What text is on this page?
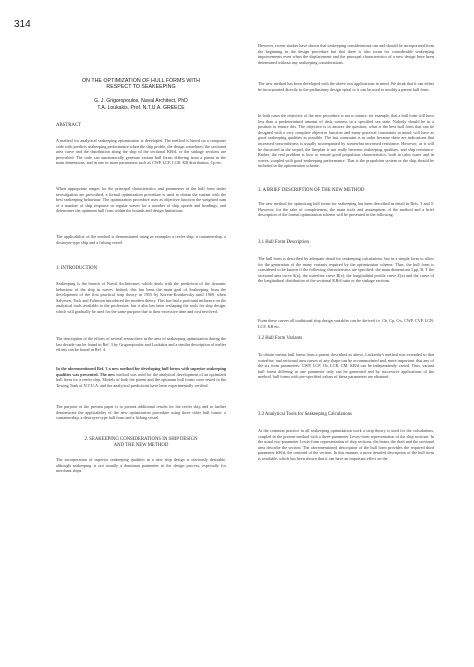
314
ON THE OPTIMIZATION OF HULL FORMS WITH
RESPECT TO SEAKEEPING
G. J. Grigoropoulos, Naval Architect, PhD
T.A. Loukakis, Prof. N.T.U.A. GREECE
ABSTRACT

A method for analytical seakeeping optimization is developed. The method is based on a computer code with predicts seakeeping performance when the ship profile, the design waterlines, the sectional area curve and the distribution along the ship of the sectional KB/d, or the sinkage sections are prescribed. The code can automatically generate variant hull forms differing from a parent in the main dimensions, and in one or more parameters such as CWP, LCF, LCB, KB distribution, Cp etc.

When appropriate ranges for the principal characteristics and parameters of the hull form under investigation are prescribed, a formal optimization procedure is used to obtain the variant with the best seakeeping behaviour. The optimization procedure uses as objective function the weighted sum of a number of ship response in regular waves for a number of ship speeds and headings, and determines the optimum hull form within the bounds and design limitations.

The applicability of the method is demonstrated using as examples a reefer ship, a containership, a destroyer-type ship and a fishing vessel.

1. INTRODUCTION

Seakeeping is the branch of Naval Architecture, which deals with the prediction of the dynamic behaviour of the ship in waves. Indeed, this has been the main goal of Seakeeping from the development of the first practical strip theory in 1955 by Korvin-Kroukovsky until 1969, when Salvesen, Tuck and Faltinsen introduced the modern theory. This has had a profound influence on the analytical tools available to the profession, but it also has been reshaping the tools for ship design, which will gradually be used for the same purpose due to their excessive time and cost involved.

The description of the efforts of several researchers in the area of seakeeping optimization during the last decade can be found in Ref. 3 by Grigoropoulos and Loukakis and a similar description of earlier efforts can be found in Ref. 4.

In the aforementioned Ref. 3 a new method for developing hull forms with superior seakeeping qualities was presented. The new method was used for the analytical development of an optimized hull form for a reefer ship. Models of both the parent and the optimum hull forms were tested in the Towing Tank of N.T.U.A. and the analytical predictions have been experimentally verified.

The purpose of the present paper is to present additional results for the reefer ship and to further demonstrate the applicability of the new optimization procedure using three other hull forms: a containership, a destroyer-type hull form and a fishing vessel.

2. SEAKEEPING CONSIDERATIONS IN SHIP DESIGN
AND THE NEW METHOD

The incorporation of superior seakeeping qualities in a new ship design is obviously desirable, although seakeeping is not usually a dominant parameter in the design process, especially for merchant ships.

However, recent studies have shown that seakeeping considerations can and should be incorporated from the beginning in the design procedure but that there is also room for considerable seakeeping improvements even when the displacement and the principal characteristics of a new design have been determined without any seakeeping considerations.

The new method has been developed with the above two applications in mind. We think that it can either be incorporated directly in the preliminary design spiral or it can be used to modify a parent hull form.

In both cases the objective of the new procedure is not to ensure, for example, that a hull form will have less than a predetermined amount of deck wetness in a specified sea state. Nobody should be in a position to ensure this. The objective is to answer the question, what is the best hull form that can be designed with a very complete objective function and many practical constraints in mind; will have as good seakeeping qualities as possible. The last constraint is in order because there are indications that increased seaworthiness is usually accompanied by somewhat increased resistance. However, as it will be discussed in the sequel, the lineplan is not really between seakeeping qualities, and ship resistance. Rather, the real problem is how to ensure good propulsion characteristics, both in calm water and in waves, coupled with good seakeeping performance. That is the propulsion system or the ship should be included in the optimization scheme.

3. A BRIEF DESCRIPTION OF THE NEW METHOD

The new method for optimizing hull forms for seakeeping has been described in detail in Refs. 3 and 5. However, for the sake of completeness, the main tools and assumptions of the method and a brief description of the formal optimization scheme will be presented in the following.

3.1 Hull Form Description

The hull form is described by adequate detail for seakeeping calculations, but in a simple form to allow for the generation of the many variants required by the optimization scheme. Thus, the hull form is considered to be known if the following characteristics are specified: the main dimensions Lpp, B, T the sectional area curve S(x), the waterline curve B(x), the longitudinal profile curve Z(x) and the curve of the longitudinal distribution of the sectional KB/d ratio or the sinkage sections.

From these curves all traditional ship design variables can be derived i.e. Cb, Cp, Cw, CWP, CVP, LCB, LCF, KB etc.

3.2 Hull Form Variants

To obtain variant hull forms from a parent, described as above, Lackenby's method was extended so that waterline, and sectional area curves of any shape can be accommodated and, more important, that any of the six form parameters: CWP, LCF, Cb, LCB, CM, KB/d can be independently varied. Thus, variant hull forms differing in one parameter only can be generated and by successive applications of the method, hull forms with pre-specified values of these parameters are obtained.

3.3 Analytical Tools for Seakeeping Calculations

At the common practice in all seakeeping optimization work a strip theory is used for the calculations, coupled in the present method with a three-parameter Lewis-form representation of the ship sections. In the usual two-parameter Lewis-form representation of ship sections, the beam, the draft and the sectional area describe the section. The aforementioned description of the hull form provides the required third parameter KB/d, the centroid of the section. In this manner, a more detailed description of the hull form is available, which has been shown that it can have an important effect on the
